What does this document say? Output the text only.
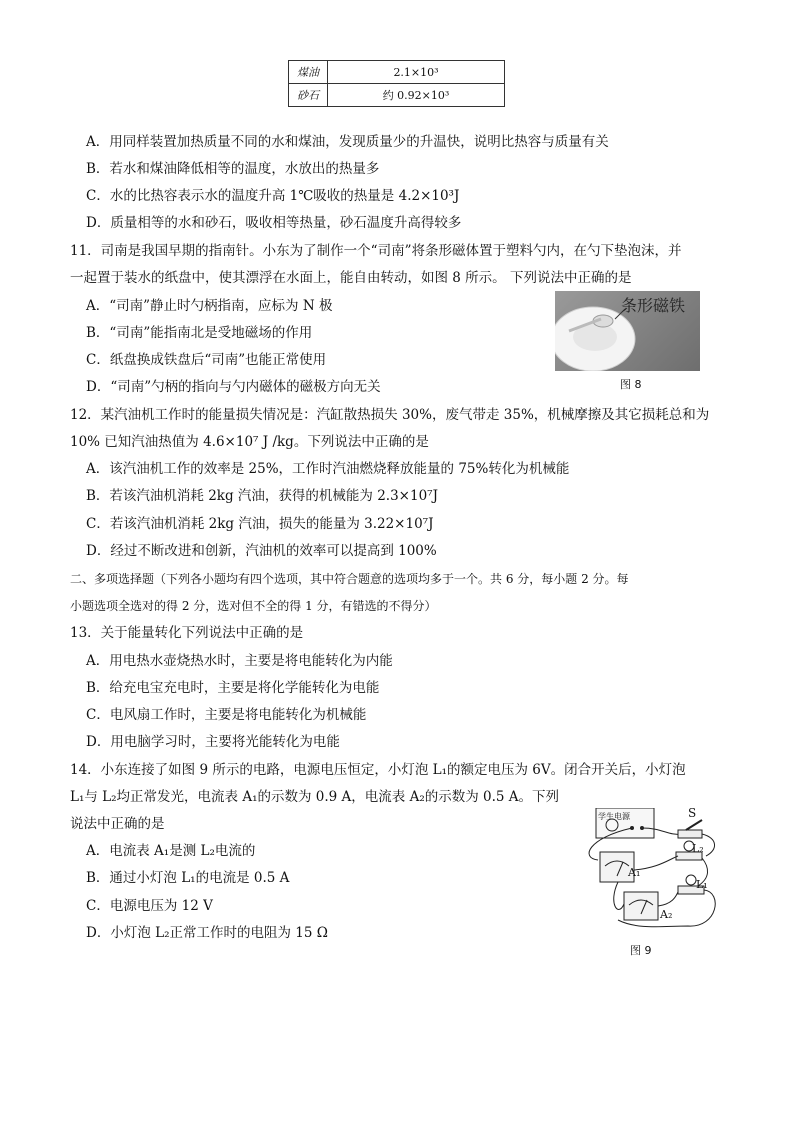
煤油	2.1×10³
砂石	约 0.92×10³
A．用同样装置加热质量不同的水和煤油，发现质量少的升温快，说明比热容与质量有关
B．若水和煤油降低相等的温度，水放出的热量多
C．水的比热容表示水的温度升高 1℃吸收的热量是 4.2×10³J
D．质量相等的水和砂石，吸收相等热量，砂石温度升高得较多
11．司南是我国早期的指南针。小东为了制作一个“司南”将条形磁体置于塑料勺内，在勺下垫泡沫，并
一起置于装水的纸盘中，使其漂浮在水面上，能自由转动，如图 8 所示。 下列说法中正确的是
A．“司南”静止时勺柄指南，应标为 N 极
B．“司南”能指南北是受地磁场的作用
C．纸盘换成铁盘后“司南”也能正常使用
D．“司南”勺柄的指向与勺内磁体的磁极方向无关
条形磁铁
图 8
12．某汽油机工作时的能量损失情况是：汽缸散热损失 30%，废气带走 35%，机械摩擦及其它损耗总和为
10% 已知汽油热值为 4.6×10⁷ J /kg。下列说法中正确的是
A．该汽油机工作的效率是 25%，工作时汽油燃烧释放能量的 75%转化为机械能
B．若该汽油机消耗 2kg 汽油，获得的机械能为 2.3×10⁷J
C．若该汽油机消耗 2kg 汽油，损失的能量为 3.22×10⁷J
D．经过不断改进和创新，汽油机的效率可以提高到 100%
二、多项选择题（下列各小题均有四个选项，其中符合题意的选项均多于一个。共 6 分，每小题 2 分。每
小题选项全选对的得 2 分，选对但不全的得 1 分，有错选的不得分）
13．关于能量转化下列说法中正确的是
A．用电热水壶烧热水时，主要是将电能转化为内能
B．给充电宝充电时，主要是将化学能转化为电能
C．电风扇工作时，主要是将电能转化为机械能
D．用电脑学习时，主要将光能转化为电能
14．小东连接了如图 9 所示的电路，电源电压恒定，小灯泡 L₁的额定电压为 6V。闭合开关后，小灯泡
L₁与 L₂均正常发光，电流表 A₁的示数为 0.9 A，电流表 A₂的示数为 0.5 A。下列
说法中正确的是
A．电流表 A₁是测 L₂电流的
B．通过小灯泡 L₁的电流是 0.5 A
C．电源电压为 12 V
D．小灯泡 L₂正常工作时的电阻为 15 Ω
学生电源	S
L₂
L₁
A₁
A₂
图 9
